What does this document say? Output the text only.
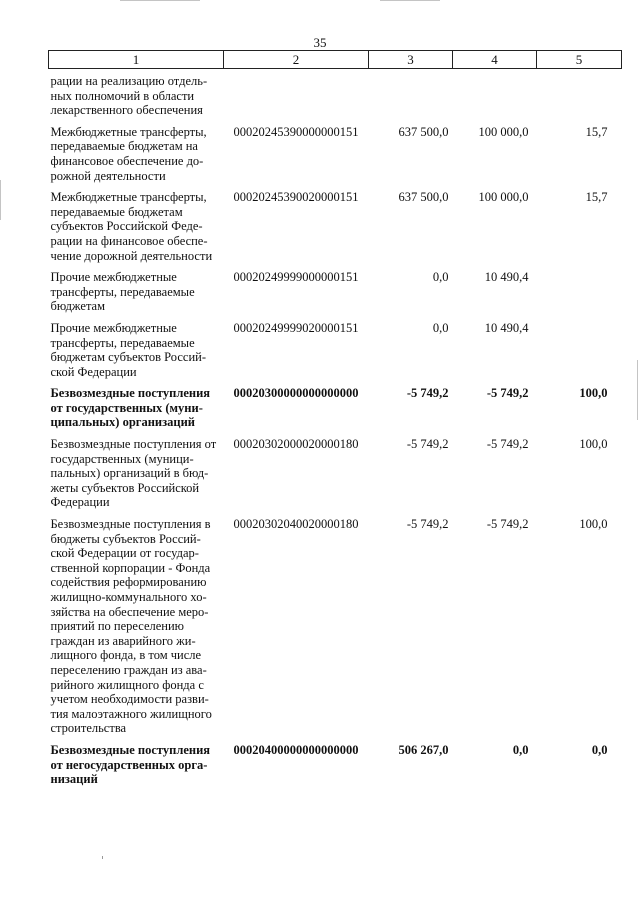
35
1	2	3	4	5
рации на реализацию отдель-ных полномочий в области лекарственного обеспечения				
Межбюджетные трансферты, передаваемые бюджетам на финансовое обеспечение до-рожной деятельности	00020245390000000151	637 500,0	100 000,0	15,7
Межбюджетные трансферты, передаваемые бюджетам субъектов Российской Феде-рации на финансовое обеспе-чение дорожной деятельности	00020245390020000151	637 500,0	100 000,0	15,7
Прочие межбюджетные трансферты, передаваемые бюджетам	00020249999000000151	0,0	10 490,4	
Прочие межбюджетные трансферты, передаваемые бюджетам субъектов Россий-ской Федерации	00020249999020000151	0,0	10 490,4	
Безвозмездные поступления от государственных (муни-ципальных) организаций	00020300000000000000	-5 749,2	-5 749,2	100,0
Безвозмездные поступления от государственных (муници-пальных) организаций в бюд-жеты субъектов Российской Федерации	00020302000020000180	-5 749,2	-5 749,2	100,0
Безвозмездные поступления в бюджеты субъектов Россий-ской Федерации от государ-ственной корпорации - Фонда содействия реформированию жилищно-коммунального хо-зяйства на обеспечение меро-приятий по переселению граждан из аварийного жи-лищного фонда, в том числе переселению граждан из ава-рийного жилищного фонда с учетом необходимости разви-тия малоэтажного жилищного строительства	00020302040020000180	-5 749,2	-5 749,2	100,0
Безвозмездные поступления от негосударственных орга-низаций	00020400000000000000	506 267,0	0,0	0,0
